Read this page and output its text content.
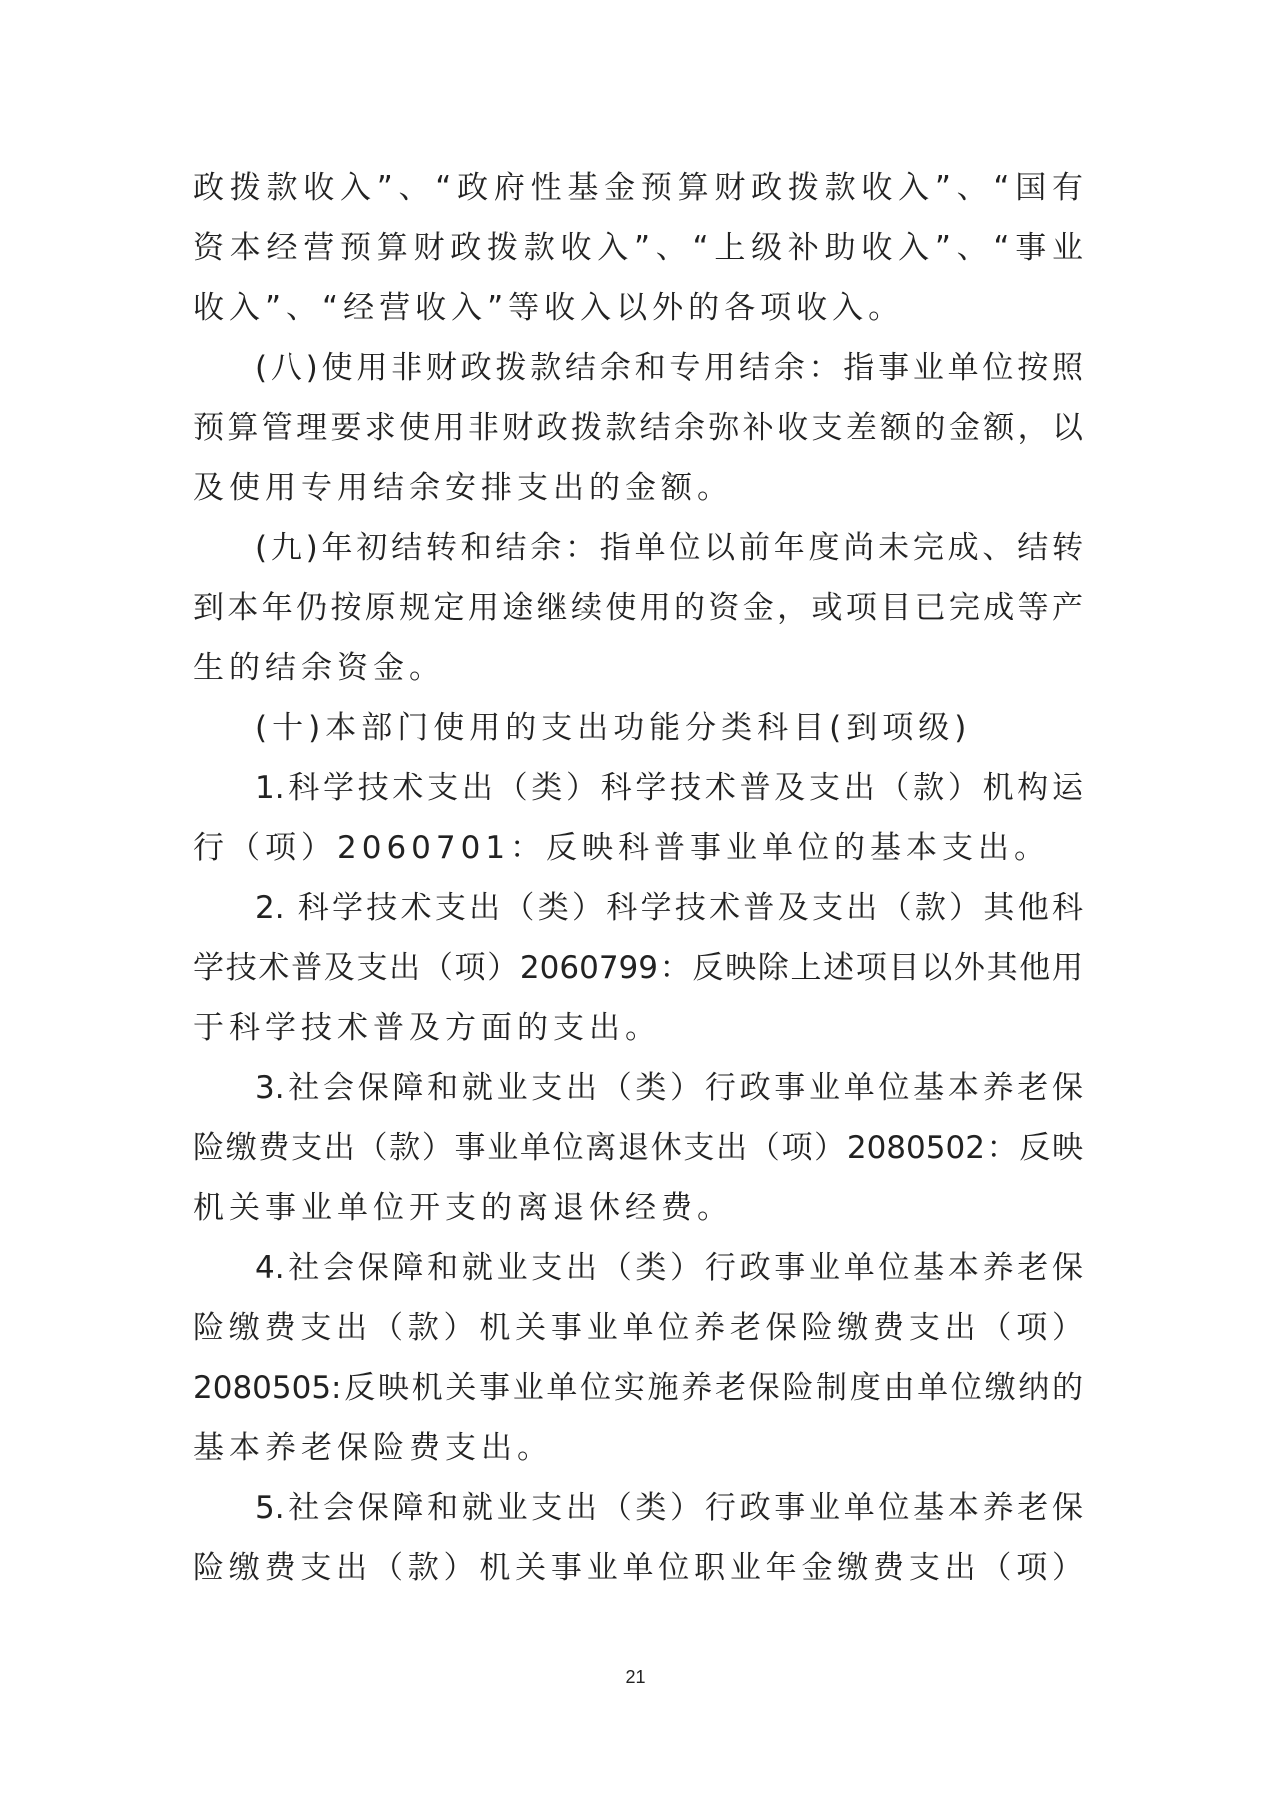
政拨款收入”、“政府性基金预算财政拨款收入”、“国有
资本经营预算财政拨款收入”、“上级补助收入”、“事业
收入”、“经营收入”等收入以外的各项收入。
(八)使用非财政拨款结余和专用结余：指事业单位按照
预算管理要求使用非财政拨款结余弥补收支差额的金额，以
及使用专用结余安排支出的金额。
(九)年初结转和结余：指单位以前年度尚未完成、结转
到本年仍按原规定用途继续使用的资金，或项目已完成等产
生的结余资金。
(十)本部门使用的支出功能分类科目(到项级)
1.科学技术支出（类）科学技术普及支出（款）机构运
行（项）2060701：反映科普事业单位的基本支出。
2. 科学技术支出（类）科学技术普及支出（款）其他科
学技术普及支出（项）2060799：反映除上述项目以外其他用
于科学技术普及方面的支出。
3.社会保障和就业支出（类）行政事业单位基本养老保
险缴费支出（款）事业单位离退休支出（项）2080502：反映
机关事业单位开支的离退休经费。
4.社会保障和就业支出（类）行政事业单位基本养老保
险缴费支出（款）机关事业单位养老保险缴费支出（项）
2080505:反映机关事业单位实施养老保险制度由单位缴纳的
基本养老保险费支出。
5.社会保障和就业支出（类）行政事业单位基本养老保
险缴费支出（款）机关事业单位职业年金缴费支出（项）
21
